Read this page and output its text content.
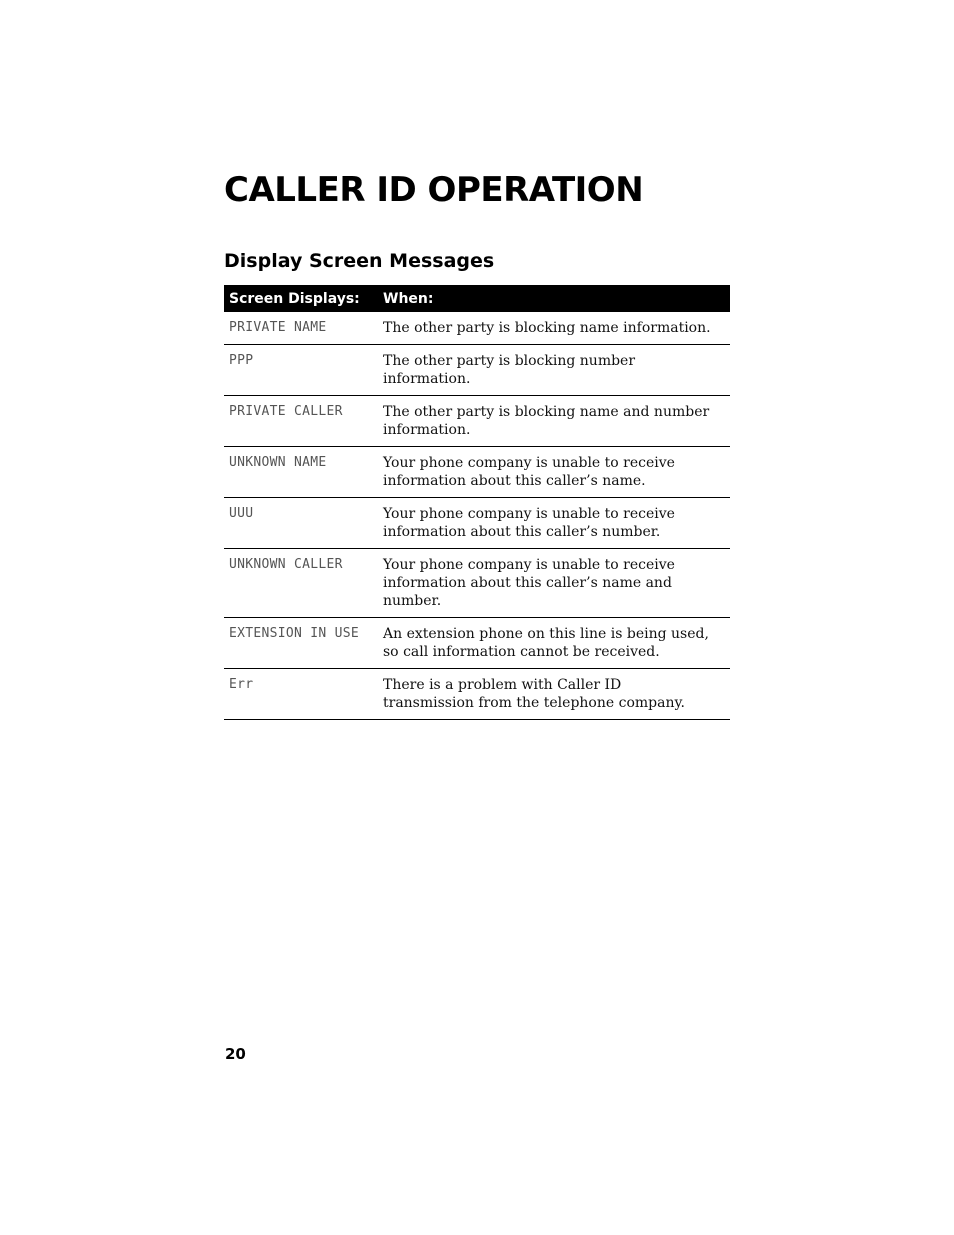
CALLER ID OPERATION
Display Screen Messages
Screen Displays:	When:
PRIVATE NAME	The other party is blocking name information.
PPP	The other party is blocking number information.
PRIVATE CALLER	The other party is blocking name and number information.
UNKNOWN NAME	Your phone company is unable to receive information about this caller’s name.
UUU	Your phone company is unable to receive information about this caller’s number.
UNKNOWN CALLER	Your phone company is unable to receive information about this caller’s name and number.
EXTENSION IN USE	An extension phone on this line is being used, so call information cannot be received.
Err	There is a problem with Caller ID transmission from the telephone company.
20
